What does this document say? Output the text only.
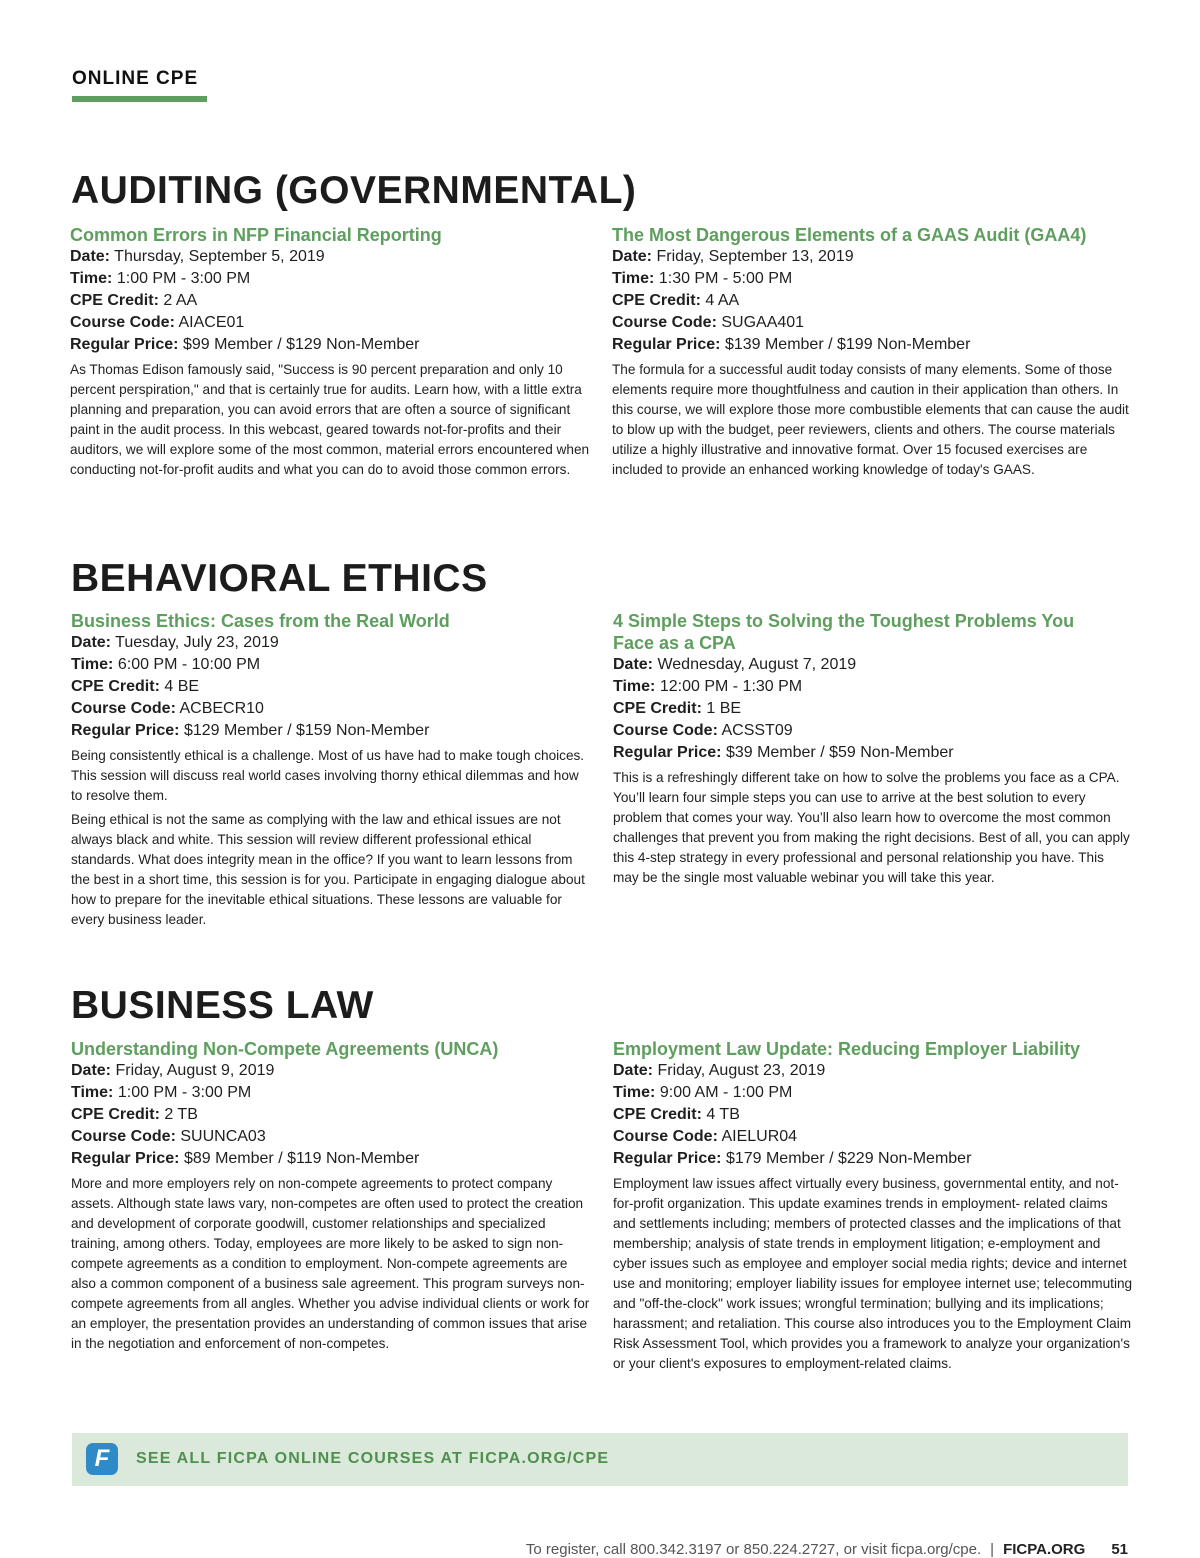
ONLINE CPE
AUDITING (GOVERNMENTAL)
Common Errors in NFP Financial Reporting
Date: Thursday, September 5, 2019
Time: 1:00 PM - 3:00 PM
CPE Credit: 2 AA
Course Code: AIACE01
Regular Price: $99 Member / $129 Non-Member

As Thomas Edison famously said, "Success is 90 percent preparation and only 10 percent perspiration," and that is certainly true for audits. Learn how, with a little extra planning and preparation, you can avoid errors that are often a source of significant paint in the audit process. In this webcast, geared towards not-for-profits and their auditors, we will explore some of the most common, material errors encountered when conducting not-for-profit audits and what you can do to avoid those common errors.

The Most Dangerous Elements of a GAAS Audit (GAA4)
Date: Friday, September 13, 2019
Time: 1:30 PM - 5:00 PM
CPE Credit: 4 AA
Course Code: SUGAA401
Regular Price: $139 Member / $199 Non-Member

The formula for a successful audit today consists of many elements. Some of those elements require more thoughtfulness and caution in their application than others. In this course, we will explore those more combustible elements that can cause the audit to blow up with the budget, peer reviewers, clients and others. The course materials utilize a highly illustrative and innovative format. Over 15 focused exercises are included to provide an enhanced working knowledge of today's GAAS.

BEHAVIORAL ETHICS
Business Ethics: Cases from the Real World
Date: Tuesday, July 23, 2019
Time: 6:00 PM - 10:00 PM
CPE Credit: 4 BE
Course Code: ACBECR10
Regular Price: $129 Member / $159 Non-Member

Being consistently ethical is a challenge. Most of us have had to make tough choices. This session will discuss real world cases involving thorny ethical dilemmas and how to resolve them.

Being ethical is not the same as complying with the law and ethical issues are not always black and white. This session will review different professional ethical standards. What does integrity mean in the office? If you want to learn lessons from the best in a short time, this session is for you. Participate in engaging dialogue about how to prepare for the inevitable ethical situations. These lessons are valuable for every business leader.

4 Simple Steps to Solving the Toughest Problems You Face as a CPA
Date: Wednesday, August 7, 2019
Time: 12:00 PM - 1:30 PM
CPE Credit: 1 BE
Course Code: ACSST09
Regular Price: $39 Member / $59 Non-Member

This is a refreshingly different take on how to solve the problems you face as a CPA. You’ll learn four simple steps you can use to arrive at the best solution to every problem that comes your way. You’ll also learn how to overcome the most common challenges that prevent you from making the right decisions. Best of all, you can apply this 4-step strategy in every professional and personal relationship you have. This may be the single most valuable webinar you will take this year.

BUSINESS LAW
Understanding Non-Compete Agreements (UNCA)
Date: Friday, August 9, 2019
Time: 1:00 PM - 3:00 PM
CPE Credit: 2 TB
Course Code: SUUNCA03
Regular Price: $89 Member / $119 Non-Member

More and more employers rely on non-compete agreements to protect company assets. Although state laws vary, non-competes are often used to protect the creation and development of corporate goodwill, customer relationships and specialized training, among others. Today, employees are more likely to be asked to sign non-compete agreements as a condition to employment. Non-compete agreements are also a common component of a business sale agreement. This program surveys non-compete agreements from all angles. Whether you advise individual clients or work for an employer, the presentation provides an understanding of common issues that arise in the negotiation and enforcement of non-competes.

Employment Law Update: Reducing Employer Liability
Date: Friday, August 23, 2019
Time: 9:00 AM - 1:00 PM
CPE Credit: 4 TB
Course Code: AIELUR04
Regular Price: $179 Member / $229 Non-Member

Employment law issues affect virtually every business, governmental entity, and not-for-profit organization. This update examines trends in employment- related claims and settlements including; members of protected classes and the implications of that membership; analysis of state trends in employment litigation; e-employment and cyber issues such as employee and employer social media rights; device and internet use and monitoring; employer liability issues for employee internet use; telecommuting and "off-the-clock" work issues; wrongful termination; bullying and its implications; harassment; and retaliation. This course also introduces you to the Employment Claim Risk Assessment Tool, which provides you a framework to analyze your organization's or your client's exposures to employment-related claims.

F	SEE ALL FICPA ONLINE COURSES AT FICPA.ORG/CPE
To register, call 800.342.3197 or 850.224.2727, or visit ficpa.org/cpe. | FICPA.ORG 51
